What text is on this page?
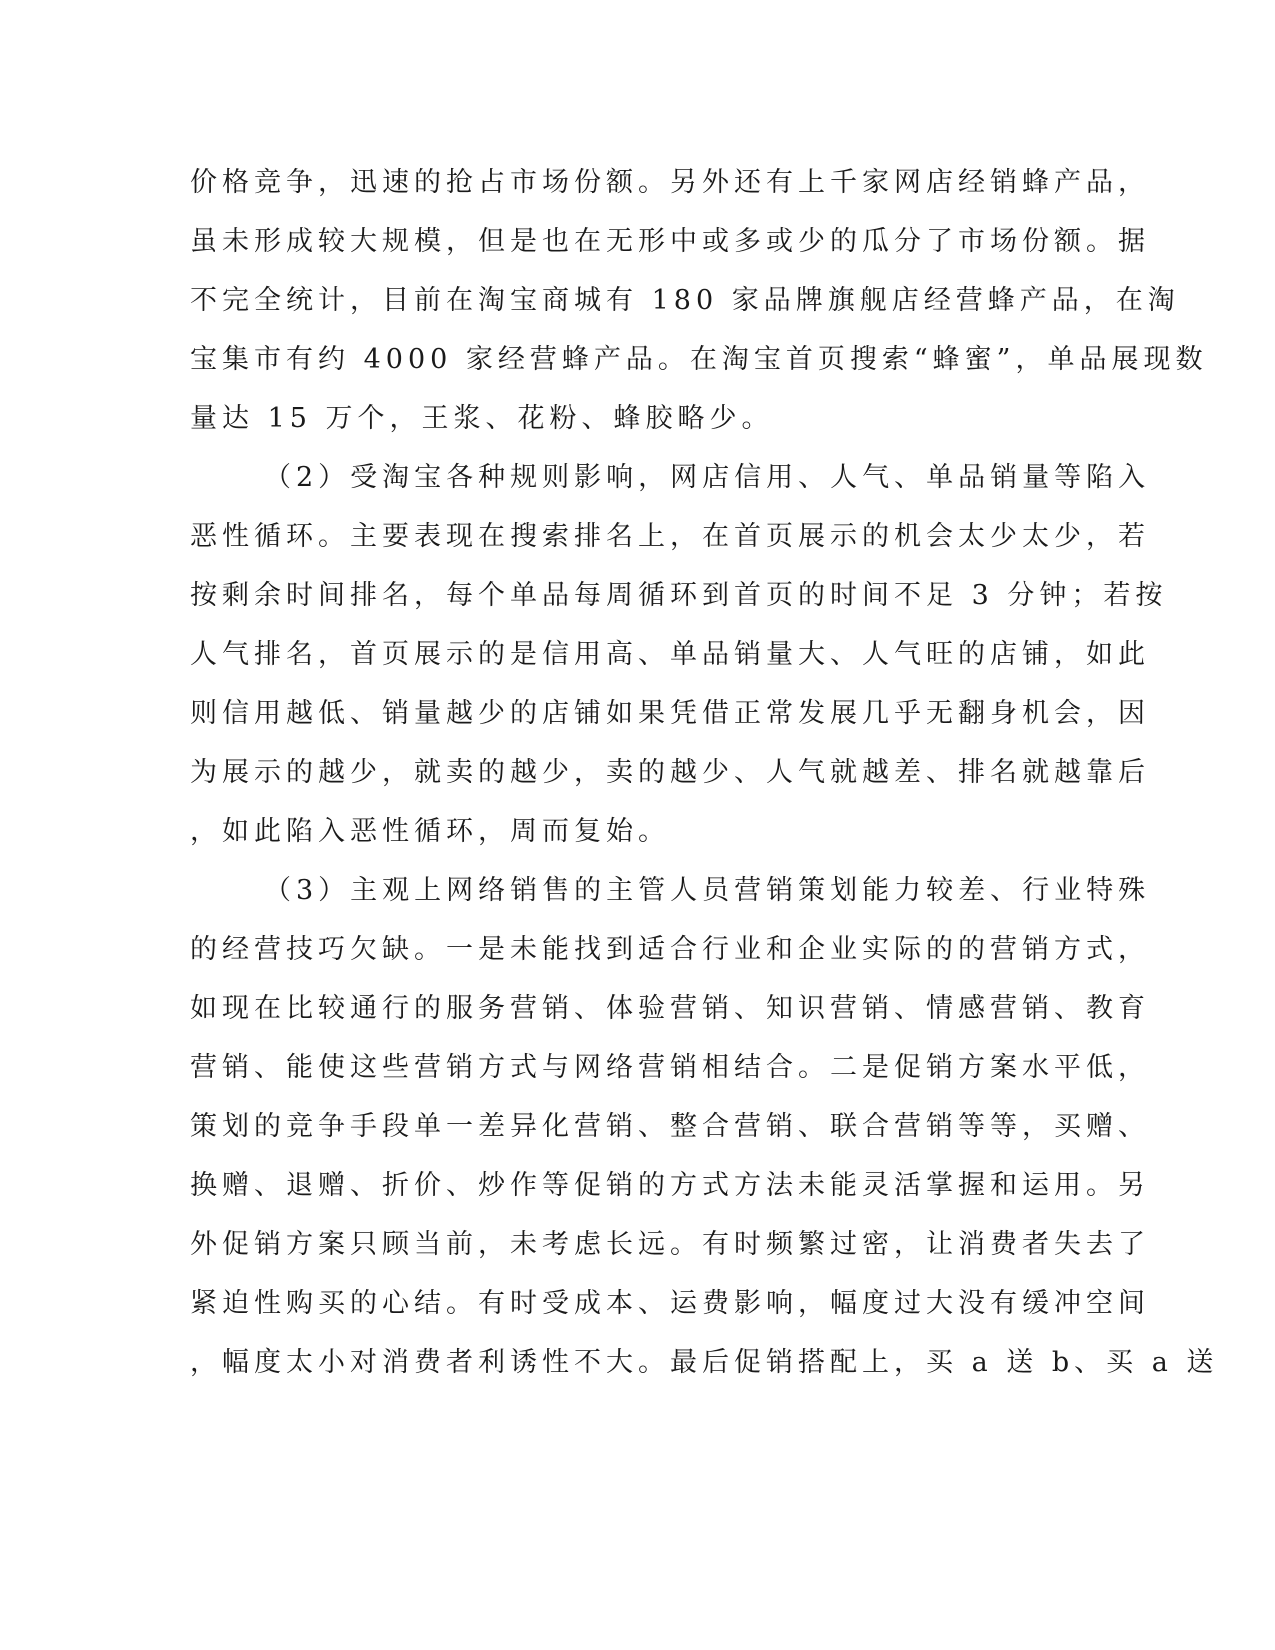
价格竞争，迅速的抢占市场份额。另外还有上千家网店经销蜂产品，
虽未形成较大规模，但是也在无形中或多或少的瓜分了市场份额。据
不完全统计，目前在淘宝商城有 180 家品牌旗舰店经营蜂产品，在淘
宝集市有约 4000 家经营蜂产品。在淘宝首页搜索“蜂蜜”，单品展现数
量达 15 万个，王浆、花粉、蜂胶略少。
（2）受淘宝各种规则影响，网店信用、人气、单品销量等陷入
恶性循环。主要表现在搜索排名上，在首页展示的机会太少太少，若
按剩余时间排名，每个单品每周循环到首页的时间不足 3 分钟；若按
人气排名，首页展示的是信用高、单品销量大、人气旺的店铺，如此
则信用越低、销量越少的店铺如果凭借正常发展几乎无翻身机会，因
为展示的越少，就卖的越少，卖的越少、人气就越差、排名就越靠后
，如此陷入恶性循环，周而复始。
（3）主观上网络销售的主管人员营销策划能力较差、行业特殊
的经营技巧欠缺。一是未能找到适合行业和企业实际的的营销方式，
如现在比较通行的服务营销、体验营销、知识营销、情感营销、教育
营销、能使这些营销方式与网络营销相结合。二是促销方案水平低，
策划的竞争手段单一差异化营销、整合营销、联合营销等等，买赠、
换赠、退赠、折价、炒作等促销的方式方法未能灵活掌握和运用。另
外促销方案只顾当前，未考虑长远。有时频繁过密，让消费者失去了
紧迫性购买的心结。有时受成本、运费影响，幅度过大没有缓冲空间
，幅度太小对消费者利诱性不大。最后促销搭配上，买 a 送 b、买 a 送
